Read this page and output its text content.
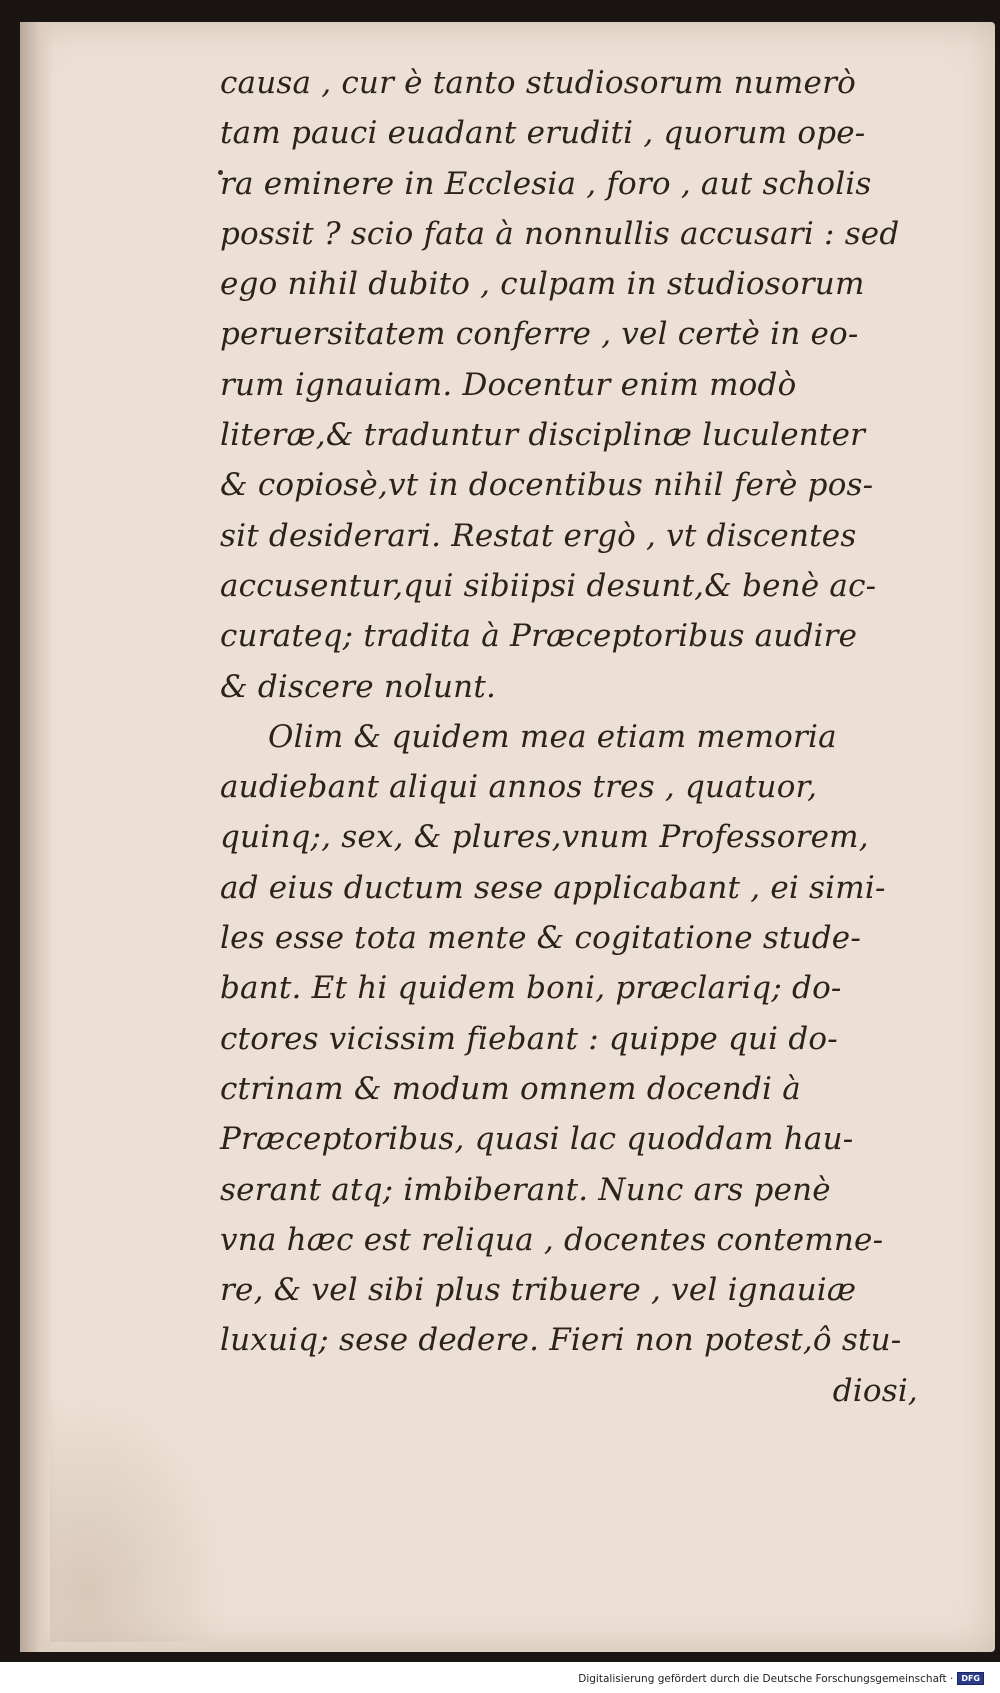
causa , cur è tanto studiosorum numerò
tam pauci euadant eruditi , quorum ope-
ra eminere in Ecclesia , foro , aut scholis
possit ? scio fata à nonnullis accusari : sed
ego nihil dubito , culpam in studiosorum
peruersitatem conferre , vel certè in eo-
rum ignauiam. Docentur enim modò
literæ,& traduntur disciplinæ luculenter
& copiosè,vt in docentibus nihil ferè pos-
sit desiderari. Restat ergò , vt discentes
accusentur,qui sibiipsi desunt,& benè ac-
curateq; tradita à Præceptoribus audire
& discere nolunt.
Olim & quidem mea etiam memoria
audiebant aliqui annos tres , quatuor,
quinq;, sex, & plures,vnum Professorem,
ad eius ductum sese applicabant , ei simi-
les esse tota mente & cogitatione stude-
bant. Et hi quidem boni, præclariq; do-
ctores vicissim fiebant : quippe qui do-
ctrinam & modum omnem docendi à
Præceptoribus, quasi lac quoddam hau-
serant atq; imbiberant. Nunc ars penè
vna hæc est reliqua , docentes contemne-
re, & vel sibi plus tribuere , vel ignauiæ
luxuiq; sese dedere. Fieri non potest,ô stu-
diosi,
Digitalisierung gefördert durch die Deutsche Forschungsgemeinschaft ·	DFG
